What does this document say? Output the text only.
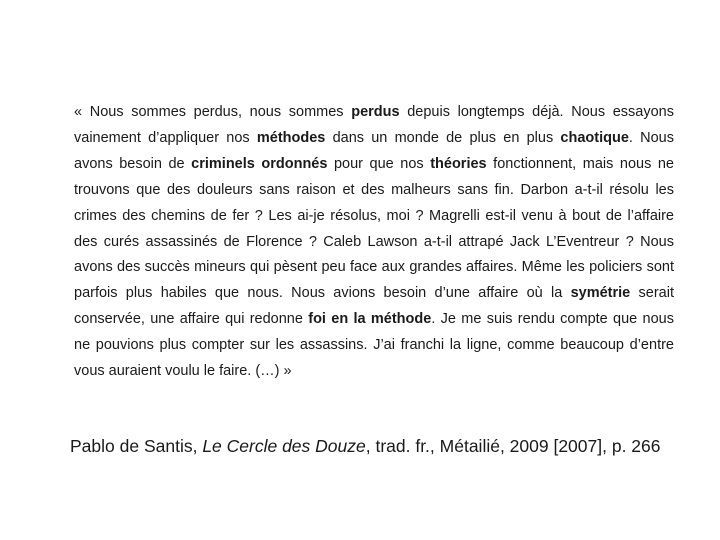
« Nous sommes perdus, nous sommes perdus depuis longtemps déjà. Nous essayons vainement d’appliquer nos méthodes dans un monde de plus en plus chaotique. Nous avons besoin de criminels ordonnés pour que nos théories fonctionnent, mais nous ne trouvons que des douleurs sans raison et des malheurs sans fin. Darbon a-t-il résolu les crimes des chemins de fer ? Les ai-je résolus, moi ? Magrelli est-il venu à bout de l’affaire des curés assassinés de Florence ? Caleb Lawson a-t-il attrapé Jack L’Eventreur ? Nous avons des succès mineurs qui pèsent peu face aux grandes affaires. Même les policiers sont parfois plus habiles que nous. Nous avions besoin d’une affaire où la symétrie serait conservée, une affaire qui redonne foi en la méthode. Je me suis rendu compte que nous ne pouvions plus compter sur les assassins. J’ai franchi la ligne, comme beaucoup d’entre vous auraient voulu le faire. (…) »

Pablo de Santis, Le Cercle des Douze, trad. fr., Métailié, 2009 [2007], p. 266
